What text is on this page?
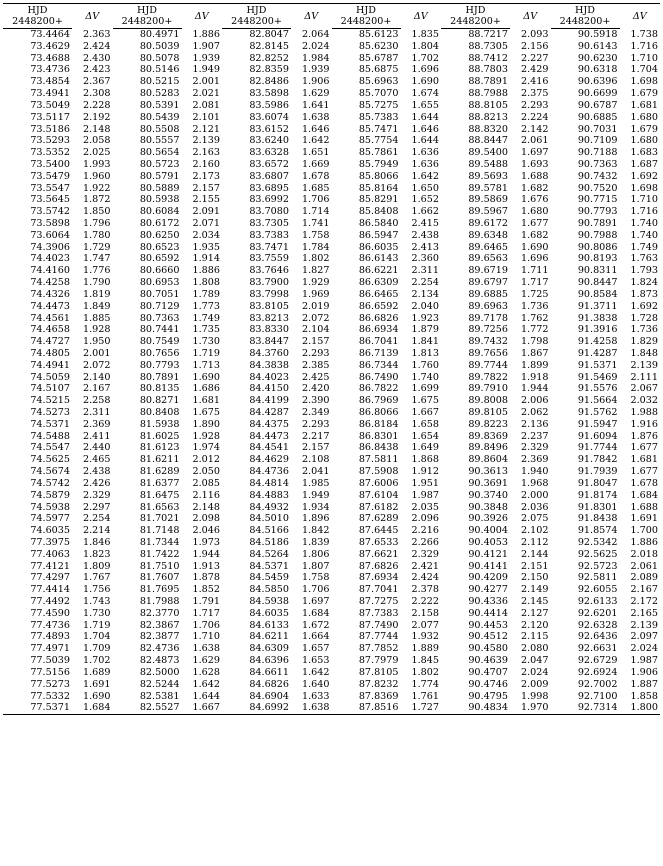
HJD	ΔV	HJD	ΔV	HJD	ΔV	HJD	ΔV	HJD	ΔV	HJD	ΔV
2448200+		2448200+		2448200+		2448200+		2448200+		2448200+	
73.4464	2.363	80.4971	1.886	82.8047	2.064	85.6123	1.835	88.7217	2.093	90.5918	1.738
73.4629	2.424	80.5039	1.907	82.8145	2.024	85.6230	1.804	88.7305	2.156	90.6143	1.716
73.4688	2.430	80.5078	1.939	82.8252	1.984	85.6787	1.702	88.7412	2.227	90.6230	1.710
73.4736	2.423	80.5146	1.949	82.8359	1.939	85.6875	1.696	88.7803	2.429	90.6318	1.704
73.4854	2.367	80.5215	2.001	82.8486	1.906	85.6963	1.690	88.7891	2.416	90.6396	1.698
73.4941	2.308	80.5283	2.021	83.5898	1.629	85.7070	1.674	88.7988	2.375	90.6699	1.679
73.5049	2.228	80.5391	2.081	83.5986	1.641	85.7275	1.655	88.8105	2.293	90.6787	1.681
73.5117	2.192	80.5439	2.101	83.6074	1.638	85.7383	1.644	88.8213	2.224	90.6885	1.680
73.5186	2.148	80.5508	2.121	83.6152	1.646	85.7471	1.646	88.8320	2.142	90.7031	1.679
73.5293	2.058	80.5557	2.139	83.6240	1.642	85.7754	1.644	88.8447	2.061	90.7109	1.680
73.5352	2.025	80.5654	2.163	83.6328	1.651	85.7861	1.636	89.5400	1.697	90.7188	1.683
73.5400	1.993	80.5723	2.160	83.6572	1.669	85.7949	1.636	89.5488	1.693	90.7363	1.687
73.5479	1.960	80.5791	2.173	83.6807	1.678	85.8066	1.642	89.5693	1.688	90.7432	1.692
73.5547	1.922	80.5889	2.157	83.6895	1.685	85.8164	1.650	89.5781	1.682	90.7520	1.698
73.5645	1.872	80.5938	2.155	83.6992	1.706	85.8291	1.652	89.5869	1.676	90.7715	1.710
73.5742	1.850	80.6084	2.091	83.7080	1.714	85.8408	1.662	89.5967	1.680	90.7793	1.716
73.5898	1.796	80.6172	2.071	83.7305	1.741	86.5840	2.415	89.6172	1.677	90.7891	1.740
73.6064	1.780	80.6250	2.034	83.7383	1.758	86.5947	2.438	89.6348	1.682	90.7988	1.740
74.3906	1.729	80.6523	1.935	83.7471	1.784	86.6035	2.413	89.6465	1.690	90.8086	1.749
74.4023	1.747	80.6592	1.914	83.7559	1.802	86.6143	2.360	89.6563	1.696	90.8193	1.763
74.4160	1.776	80.6660	1.886	83.7646	1.827	86.6221	2.311	89.6719	1.711	90.8311	1.793
74.4258	1.790	80.6953	1.808	83.7900	1.929	86.6309	2.254	89.6797	1.717	90.8447	1.824
74.4326	1.819	80.7051	1.789	83.7998	1.969	86.6465	2.134	89.6885	1.725	90.8584	1.873
74.4473	1.849	80.7129	1.773	83.8105	2.019	86.6592	2.040	89.6963	1.736	91.3711	1.692
74.4561	1.885	80.7363	1.749	83.8213	2.072	86.6826	1.923	89.7178	1.762	91.3838	1.728
74.4658	1.928	80.7441	1.735	83.8330	2.104	86.6934	1.879	89.7256	1.772	91.3916	1.736
74.4727	1.950	80.7549	1.730	83.8447	2.157	86.7041	1.841	89.7432	1.798	91.4258	1.829
74.4805	2.001	80.7656	1.719	84.3760	2.293	86.7139	1.813	89.7656	1.867	91.4287	1.848
74.4941	2.072	80.7793	1.713	84.3838	2.385	86.7344	1.760	89.7744	1.899	91.5371	2.139
74.5059	2.140	80.7891	1.690	84.4023	2.425	86.7490	1.740	89.7822	1.918	91.5469	2.111
74.5107	2.167	80.8135	1.686	84.4150	2.420	86.7822	1.699	89.7910	1.944	91.5576	2.067
74.5215	2.258	80.8271	1.681	84.4199	2.390	86.7969	1.675	89.8008	2.006	91.5664	2.032
74.5273	2.311	80.8408	1.675	84.4287	2.349	86.8066	1.667	89.8105	2.062	91.5762	1.988
74.5371	2.369	81.5938	1.890	84.4375	2.293	86.8184	1.658	89.8223	2.136	91.5947	1.916
74.5488	2.411	81.6025	1.928	84.4473	2.217	86.8301	1.654	89.8369	2.237	91.6094	1.876
74.5547	2.440	81.6123	1.974	84.4541	2.157	86.8438	1.649	89.8496	2.329	91.7744	1.677
74.5625	2.465	81.6211	2.012	84.4629	2.108	87.5811	1.868	89.8604	2.369	91.7842	1.681
74.5674	2.438	81.6289	2.050	84.4736	2.041	87.5908	1.912	90.3613	1.940	91.7939	1.677
74.5742	2.426	81.6377	2.085	84.4814	1.985	87.6006	1.951	90.3691	1.968	91.8047	1.678
74.5879	2.329	81.6475	2.116	84.4883	1.949	87.6104	1.987	90.3740	2.000	91.8174	1.684
74.5938	2.297	81.6563	2.148	84.4932	1.934	87.6182	2.035	90.3848	2.036	91.8301	1.688
74.5977	2.254	81.7021	2.098	84.5010	1.896	87.6289	2.096	90.3926	2.075	91.8438	1.691
74.6035	2.214	81.7148	2.046	84.5166	1.842	87.6445	2.216	90.4004	2.102	91.8574	1.700
77.3975	1.846	81.7344	1.973	84.5186	1.839	87.6533	2.266	90.4053	2.112	92.5342	1.886
77.4063	1.823	81.7422	1.944	84.5264	1.806	87.6621	2.329	90.4121	2.144	92.5625	2.018
77.4121	1.809	81.7510	1.913	84.5371	1.807	87.6826	2.421	90.4141	2.151	92.5723	2.061
77.4297	1.767	81.7607	1.878	84.5459	1.758	87.6934	2.424	90.4209	2.150	92.5811	2.089
77.4414	1.756	81.7695	1.852	84.5850	1.706	87.7041	2.378	90.4277	2.149	92.6055	2.167
77.4492	1.743	81.7988	1.791	84.5938	1.697	87.7275	2.222	90.4336	2.145	92.6133	2.172
77.4590	1.730	82.3770	1.717	84.6035	1.684	87.7383	2.158	90.4414	2.127	92.6201	2.165
77.4736	1.719	82.3867	1.706	84.6133	1.672	87.7490	2.077	90.4453	2.120	92.6328	2.139
77.4893	1.704	82.3877	1.710	84.6211	1.664	87.7744	1.932	90.4512	2.115	92.6436	2.097
77.4971	1.709	82.4736	1.638	84.6309	1.657	87.7852	1.889	90.4580	2.080	92.6631	2.024
77.5039	1.702	82.4873	1.629	84.6396	1.653	87.7979	1.845	90.4639	2.047	92.6729	1.987
77.5156	1.689	82.5000	1.628	84.6611	1.642	87.8105	1.802	90.4707	2.024	92.6924	1.906
77.5273	1.691	82.5244	1.642	84.6826	1.640	87.8232	1.774	90.4746	2.009	92.7002	1.887
77.5332	1.690	82.5381	1.644	84.6904	1.633	87.8369	1.761	90.4795	1.998	92.7100	1.858
77.5371	1.684	82.5527	1.667	84.6992	1.638	87.8516	1.727	90.4834	1.970	92.7314	1.800
